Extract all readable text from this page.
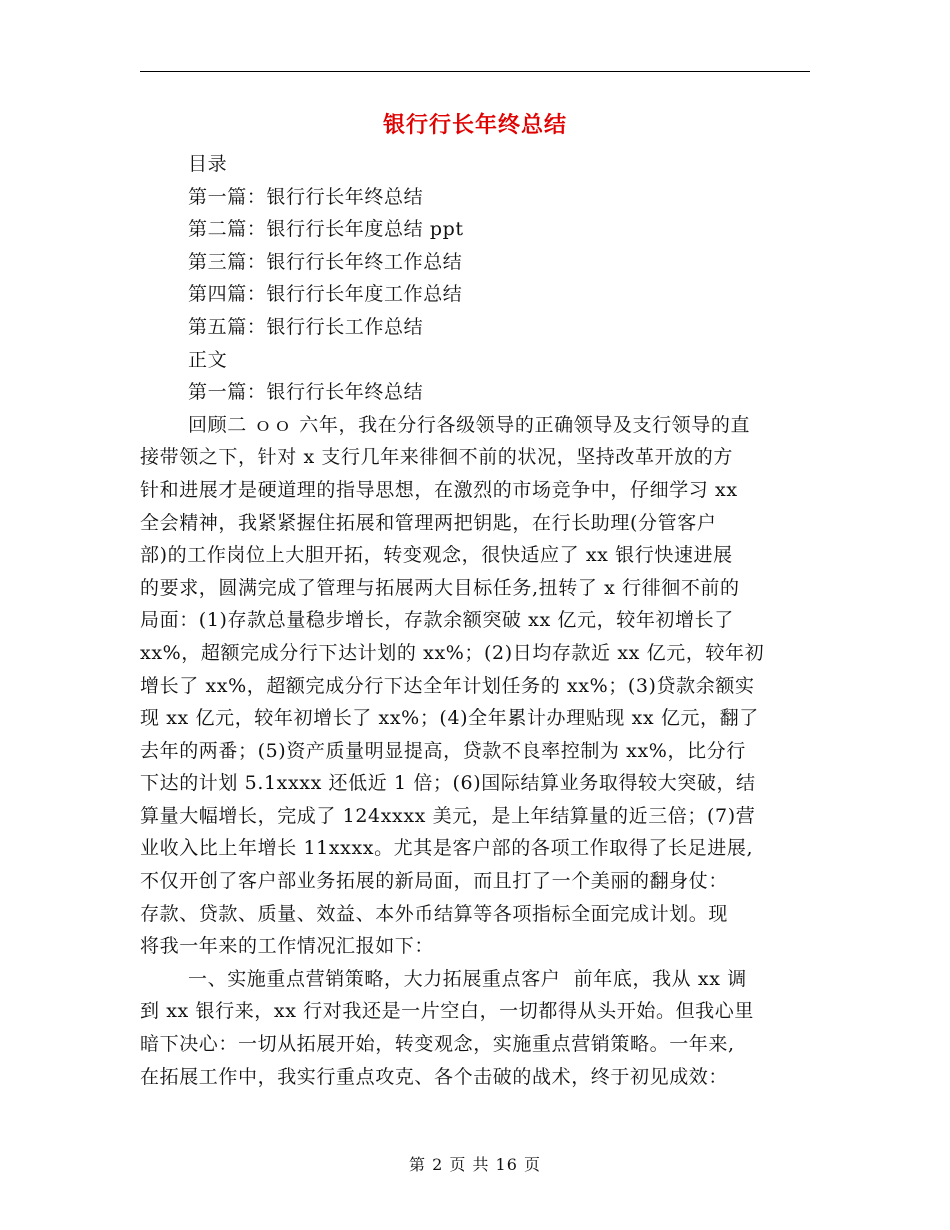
银行行长年终总结
目录
第一篇：银行行长年终总结
第二篇：银行行长年度总结 ppt
第三篇：银行行长年终工作总结
第四篇：银行行长年度工作总结
第五篇：银行行长工作总结
正文
第一篇：银行行长年终总结
回顾二 ｏｏ 六年，我在分行各级领导的正确领导及支行领导的直
接带领之下，针对 x 支行几年来徘徊不前的状况，坚持改革开放的方
针和进展才是硬道理的指导思想，在激烈的市场竞争中，仔细学习 xx
全会精神，我紧紧握住拓展和管理两把钥匙，在行长助理(分管客户
部)的工作岗位上大胆开拓，转变观念，很快适应了 xx 银行快速进展
的要求，圆满完成了管理与拓展两大目标任务,扭转了 x 行徘徊不前的
局面：(1)存款总量稳步增长，存款余额突破 xx 亿元，较年初增长了
xx%，超额完成分行下达计划的 xx%；(2)日均存款近 xx 亿元，较年初
增长了 xx%，超额完成分行下达全年计划任务的 xx%；(3)贷款余额实
现 xx 亿元，较年初增长了 xx%；(4)全年累计办理贴现 xx 亿元，翻了
去年的两番；(5)资产质量明显提高，贷款不良率控制为 xx%，比分行
下达的计划 5.1xxxx 还低近 1 倍；(6)国际结算业务取得较大突破，结
算量大幅增长，完成了 124xxxx 美元，是上年结算量的近三倍；(7)营
业收入比上年增长 11xxxx。尤其是客户部的各项工作取得了长足进展,
不仅开创了客户部业务拓展的新局面，而且打了一个美丽的翻身仗：
存款、贷款、质量、效益、本外币结算等各项指标全面完成计划。现
将我一年来的工作情况汇报如下：
一、实施重点营销策略，大力拓展重点客户  前年底，我从 xx 调
到 xx 银行来，xx 行对我还是一片空白，一切都得从头开始。但我心里
暗下决心：一切从拓展开始，转变观念，实施重点营销策略。一年来,
在拓展工作中，我实行重点攻克、各个击破的战术，终于初见成效：
第 2 页 共 16 页
